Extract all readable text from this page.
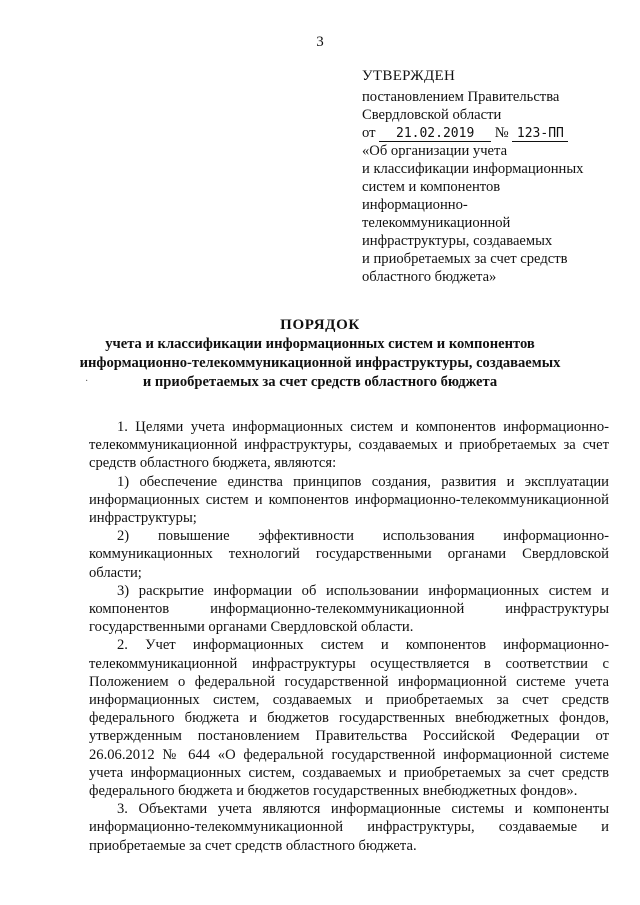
3
УТВЕРЖДЕН
постановлением Правительства
Свердловской области
от 21.02.2019 № 123-ПП
«Об организации учета
и классификации информационных
систем и компонентов
информационно-
телекоммуникационной
инфраструктуры, создаваемых
и приобретаемых за счет средств
областного бюджета»
ПОРЯДОК
учета и классификации информационных систем и компонентов
информационно-телекоммуникационной инфраструктуры, создаваемых
и приобретаемых за счет средств областного бюджета
·

1. Целями учета информационных систем и компонентов информационно-телекоммуникационной инфраструктуры, создаваемых и приобретаемых за счет средств областного бюджета, являются:

1) обеспечение единства принципов создания, развития и эксплуатации информационных систем и компонентов информационно-телекоммуникационной инфраструктуры;

2) повышение эффективности использования информационно-коммуникационных технологий государственными органами Свердловской области;

3) раскрытие информации об использовании информационных систем и компонентов информационно-телекоммуникационной инфраструктуры государственными органами Свердловской области.

2. Учет информационных систем и компонентов информационно-телекоммуникационной инфраструктуры осуществляется в соответствии с Положением о федеральной государственной информационной системе учета информационных систем, создаваемых и приобретаемых за счет средств федерального бюджета и бюджетов государственных внебюджетных фондов, утвержденным постановлением Правительства Российской Федерации от 26.06.2012 № 644 «О федеральной государственной информационной системе учета информационных систем, создаваемых и приобретаемых за счет средств федерального бюджета и бюджетов государственных внебюджетных фондов».

3. Объектами учета являются информационные системы и компоненты информационно-телекоммуникационной инфраструктуры, создаваемые и приобретаемые за счет средств областного бюджета.
